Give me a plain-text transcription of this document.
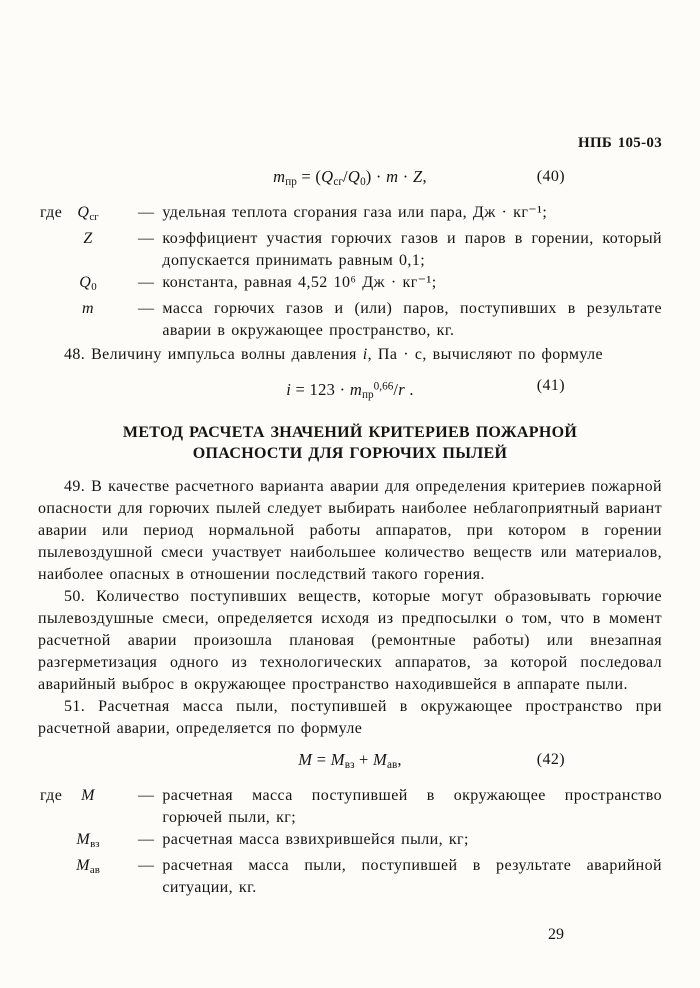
НПБ 105-03
$m_{пр} = (Q_{сг}/Q_0) \cdot m \cdot Z$,	(40)
где $Q_{сг}$	— удельная теплота сгорания газа или пара, Дж · кг⁻¹;
Z	— коэффициент участия горючих газов и паров в горении, который допускается принимать равным 0,1;
$Q_0$	— константа, равная 4,52 10⁶ Дж · кг⁻¹;
m	— масса горючих газов и (или) паров, поступивших в результате аварии в окружающее пространство, кг.

48. Величину импульса волны давления i, Па · с, вычисляют по формуле

$i = 123 \cdot m_{пр}^{0,66}/r$ .	(41)
МЕТОД РАСЧЕТА ЗНАЧЕНИЙ КРИТЕРИЕВ ПОЖАРНОЙ ОПАСНОСТИ ДЛЯ ГОРЮЧИХ ПЫЛЕЙ

49. В качестве расчетного варианта аварии для определения критериев пожарной опасности для горючих пылей следует выбирать наиболее неблагоприятный вариант аварии или период нормальной работы аппаратов, при котором в горении пылевоздушной смеси участвует наибольшее количество веществ или материалов, наиболее опасных в отношении последствий такого горения.

50. Количество поступивших веществ, которые могут образовывать горючие пылевоздушные смеси, определяется исходя из предпосылки о том, что в момент расчетной аварии произошла плановая (ремонтные работы) или внезапная разгерметизация одного из технологических аппаратов, за которой последовал аварийный выброс в окружающее пространство находившейся в аппарате пыли.

51. Расчетная масса пыли, поступившей в окружающее пространство при расчетной аварии, определяется по формуле

$M = M_{вз} + M_{ав}$,	(42)
где	M	— расчетная масса поступившей в окружающее пространство горючей пыли, кг;
$M_{вз}$	— расчетная масса взвихрившейся пыли, кг;
$M_{ав}$	— расчетная масса пыли, поступившей в результате аварийной ситуации, кг.
29
